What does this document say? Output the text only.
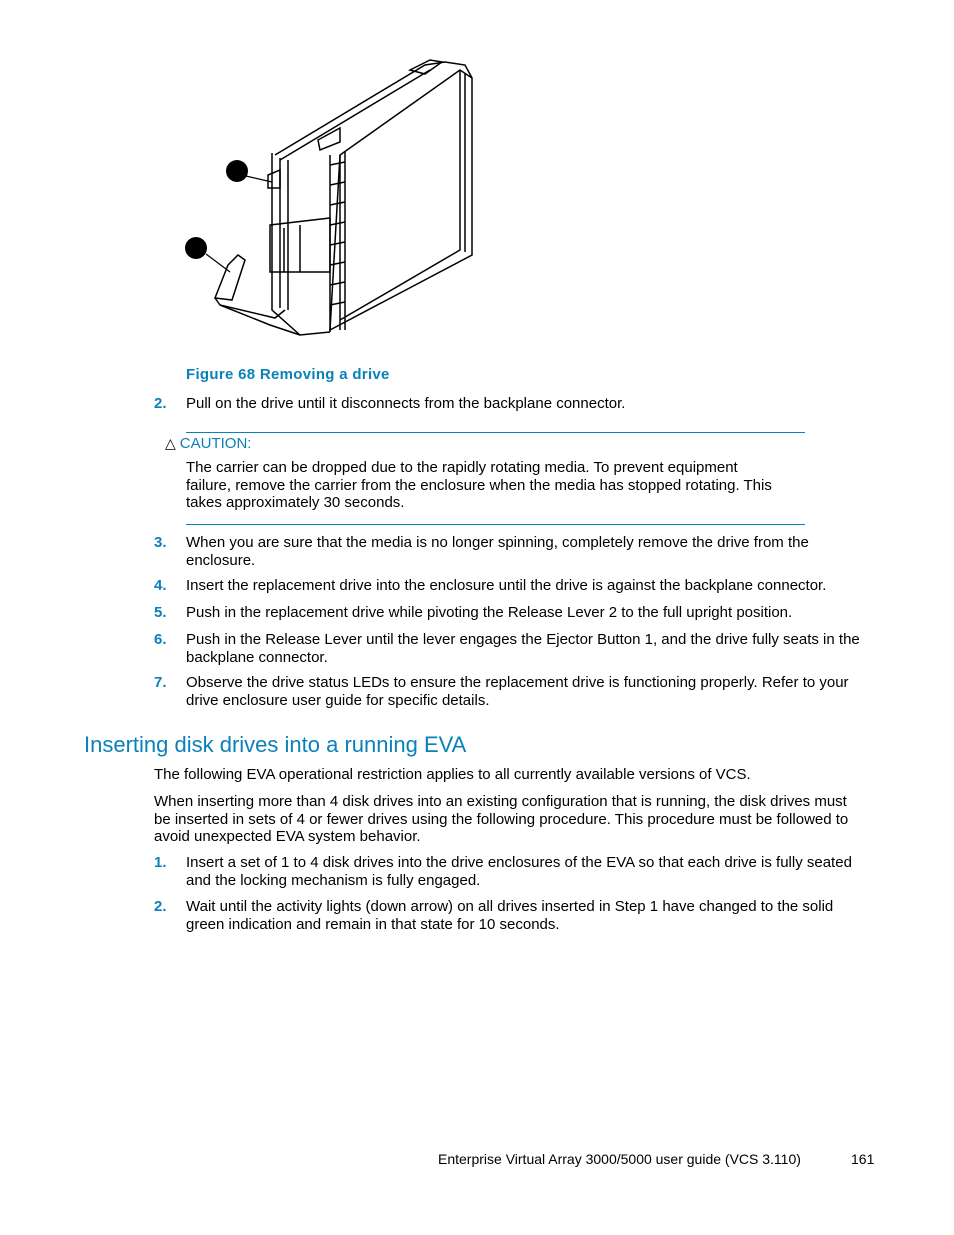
Figure 68 Removing a drive
2.	Pull on the drive until it disconnects from the backplane connector.
△ CAUTION:
The carrier can be dropped due to the rapidly rotating media. To prevent equipment failure, remove the carrier from the enclosure when the media has stopped rotating. This takes approximately 30 seconds.
3.	When you are sure that the media is no longer spinning, completely remove the drive from the enclosure.
4.	Insert the replacement drive into the enclosure until the drive is against the backplane connector.
5.	Push in the replacement drive while pivoting the Release Lever 2 to the full upright position.
6.	Push in the Release Lever until the lever engages the Ejector Button 1, and the drive fully seats in the backplane connector.
7.	Observe the drive status LEDs to ensure the replacement drive is functioning properly. Refer to your drive enclosure user guide for specific details.
Inserting disk drives into a running EVA
The following EVA operational restriction applies to all currently available versions of VCS.
When inserting more than 4 disk drives into an existing configuration that is running, the disk drives must be inserted in sets of 4 or fewer drives using the following procedure. This procedure must be followed to avoid unexpected EVA system behavior.
1.	Insert a set of 1 to 4 disk drives into the drive enclosures of the EVA so that each drive is fully seated and the locking mechanism is fully engaged.
2.	Wait until the activity lights (down arrow) on all drives inserted in Step 1 have changed to the solid green indication and remain in that state for 10 seconds.
Enterprise Virtual Array 3000/5000 user guide (VCS 3.110)	161
